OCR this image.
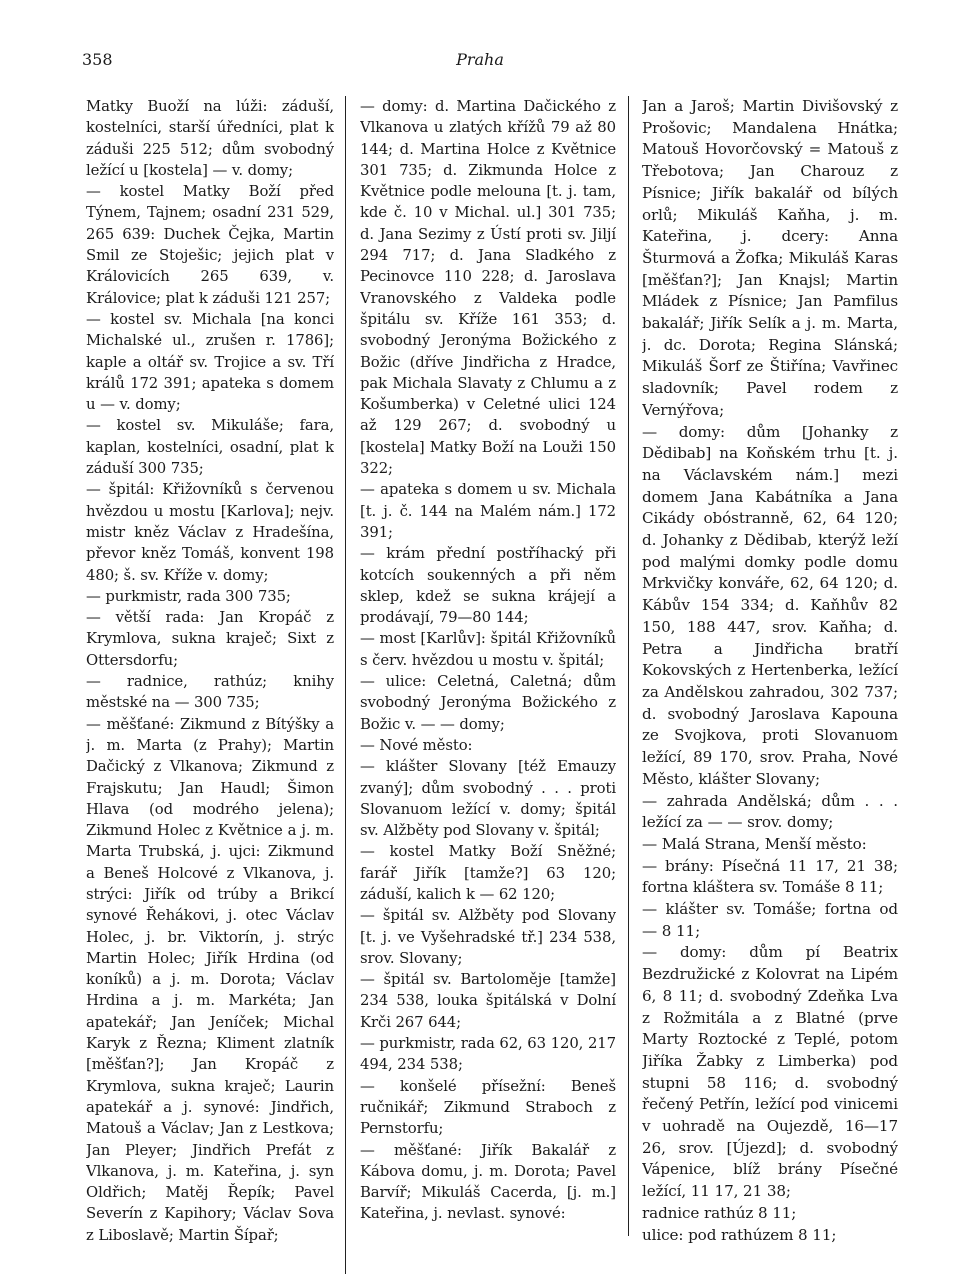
358	Praha

Matky Buoží na lúži: záduší, kostelníci, starší úředníci, plat k záduši 225 512; dům svobodný ležící u [kostela] — v. domy;

— kostel Matky Boží před Týnem, Tajnem; osadní 231 529, 265 639: Duchek Čejka, Martin Smil ze Stoješic; jejich plat v Královicích 265 639, v. Královice; plat k záduši 121 257;

— kostel sv. Michala [na konci Michalské ul., zrušen r. 1786]; kaple a oltář sv. Trojice a sv. Tří králů 172 391; apateka s domem u — v. domy;

— kostel sv. Mikuláše; fara, kaplan, kostelníci, osadní, plat k záduší 300 735;

— špitál: Křižovníků s červenou hvězdou u mostu [Karlova]; nejv. mistr kněz Václav z Hradešína, převor kněz Tomáš, konvent 198 480; š. sv. Kříže v. domy;

— purkmistr, rada 300 735;

— větší rada: Jan Kropáč z Krymlova, sukna kraječ; Sixt z Ottersdorfu;

— radnice, rathúz; knihy městské na — 300 735;

— měšťané: Zikmund z Bítýšky a j. m. Marta (z Prahy); Martin Dačický z Vlkanova; Zikmund z Frajskutu; Jan Haudl; Šimon Hlava (od modrého jelena); Zikmund Holec z Květnice a j. m. Marta Trubská, j. ujci: Zikmund a Beneš Holcové z Vlkanova, j. strýci: Jiřík od trúby a Brikcí synové Řehákovi, j. otec Václav Holec, j. br. Viktorín, j. strýc Martin Holec; Jiřík Hrdina (od koníků) a j. m. Dorota; Václav Hrdina a j. m. Markéta; Jan apatekář; Jan Jeníček; Michal Karyk z Řezna; Kliment zlatník [měšťan?]; Jan Kropáč z Krymlova, sukna kraječ; Laurin apatekář a j. synové: Jindřich, Matouš a Václav; Jan z Lestkova; Jan Pleyer; Jindřich Prefát z Vlkanova, j. m. Kateřina, j. syn Oldřich; Matěj Řepík; Pavel Severín z Kapihory; Václav Sova z Liboslavě; Martin Šípař;

— domy: d. Martina Dačického z Vlkanova u zlatých křížů 79 až 80 144; d. Martina Holce z Květnice 301 735; d. Zikmunda Holce z Květnice podle melouna [t. j. tam, kde č. 10 v Michal. ul.] 301 735; d. Jana Sezimy z Ústí proti sv. Jiljí 294 717; d. Jana Sladkého z Pecinovce 110 228; d. Jaroslava Vranovského z Valdeka podle špitálu sv. Kříže 161 353; d. svobodný Jeronýma Božického z Božic (dříve Jindřicha z Hradce, pak Michala Slavaty z Chlumu a z Košumberka) v Celetné ulici 124 až 129 267; d. svobodný u [kostela] Matky Boží na Louži 150 322;

— apateka s domem u sv. Michala [t. j. č. 144 na Malém nám.] 172 391;

— krám přední postříhacký při kotcích soukenných a při něm sklep, kdež se sukna krájejí a prodávají, 79—80 144;

— most [Karlův]: špitál Křižovníků s červ. hvězdou u mostu v. špitál;

— ulice: Celetná, Caletná; dům svobodný Jeronýma Božického z Božic v. — — domy;

— Nové město:

— klášter Slovany [též Emauzy zvaný]; dům svobodný . . . proti Slovanuom ležící v. domy; špitál sv. Alžběty pod Slovany v. špitál;

— kostel Matky Boží Sněžné; farář Jiřík [tamže?] 63 120; záduší, kalich k — 62 120;

— špitál sv. Alžběty pod Slovany [t. j. ve Vyšehradské tř.] 234 538, srov. Slovany;

— špitál sv. Bartoloměje [tamže] 234 538, louka špitálská v Dolní Krči 267 644;

— purkmistr, rada 62, 63 120, 217 494, 234 538;

— konšelé přísežní: Beneš ručnikář; Zikmund Straboch z Pernstorfu;

— měšťané: Jiřík Bakalář z Kábova domu, j. m. Dorota; Pavel Barvíř; Mikuláš Cacerda, [j. m.] Kateřina, j. nevlast. synové:

Jan a Jaroš; Martin Divišovský z Prošovic; Mandalena Hnátka; Matouš Hovorčovský = Matouš z Třebotova; Jan Charouz z Písnice; Jiřík bakalář od bílých orlů; Mikuláš Kaňha, j. m. Kateřina, j. dcery: Anna Šturmová a Žofka; Mikuláš Karas [měšťan?]; Jan Knajsl; Martin Mládek z Písnice; Jan Pamfilus bakalář; Jiřík Selík a j. m. Marta, j. dc. Dorota; Regina Slánská; Mikuláš Šorf ze Štiřína; Vavřinec sladovník; Pavel rodem z Vernýřova;

— domy: dům [Johanky z Dědibab] na Koňském trhu [t. j. na Václavském nám.] mezi domem Jana Kabátníka a Jana Cikády obóstranně, 62, 64 120; d. Johanky z Dědibab, kterýž leží pod malými domky podle domu Mrkvičky konváře, 62, 64 120; d. Kábův 154 334; d. Kaňhův 82 150, 188 447, srov. Kaňha; d. Petra a Jindřicha bratří Kokovských z Hertenberka, ležící za Andělskou zahradou, 302 737; d. svobodný Jaroslava Kapouna ze Svojkova, proti Slovanuom ležící, 89 170, srov. Praha, Nové Město, klášter Slovany;

— zahrada Andělská; dům . . . ležící za — — srov. domy;

— Malá Strana, Menší město:

— brány: Písečná 11 17, 21 38; fortna kláštera sv. Tomáše 8 11;

— klášter sv. Tomáše; fortna od — 8 11;

— domy: dům pí Beatrix Bezdružické z Kolovrat na Lipém 6, 8 11; d. svobodný Zdeňka Lva z Rožmitála a z Blatné (prve Marty Roztocké z Teplé, potom Jiříka Žabky z Limberka) pod stupni 58 116; d. svobodný řečený Petřín, ležící pod vinicemi v uohradě na Oujezdě, 16—17 26, srov. [Újezd]; d. svobodný Vápenice, blíž brány Písečné ležící, 11 17, 21 38;

radnice rathúz 8 11;

ulice: pod rathúzem 8 11;
